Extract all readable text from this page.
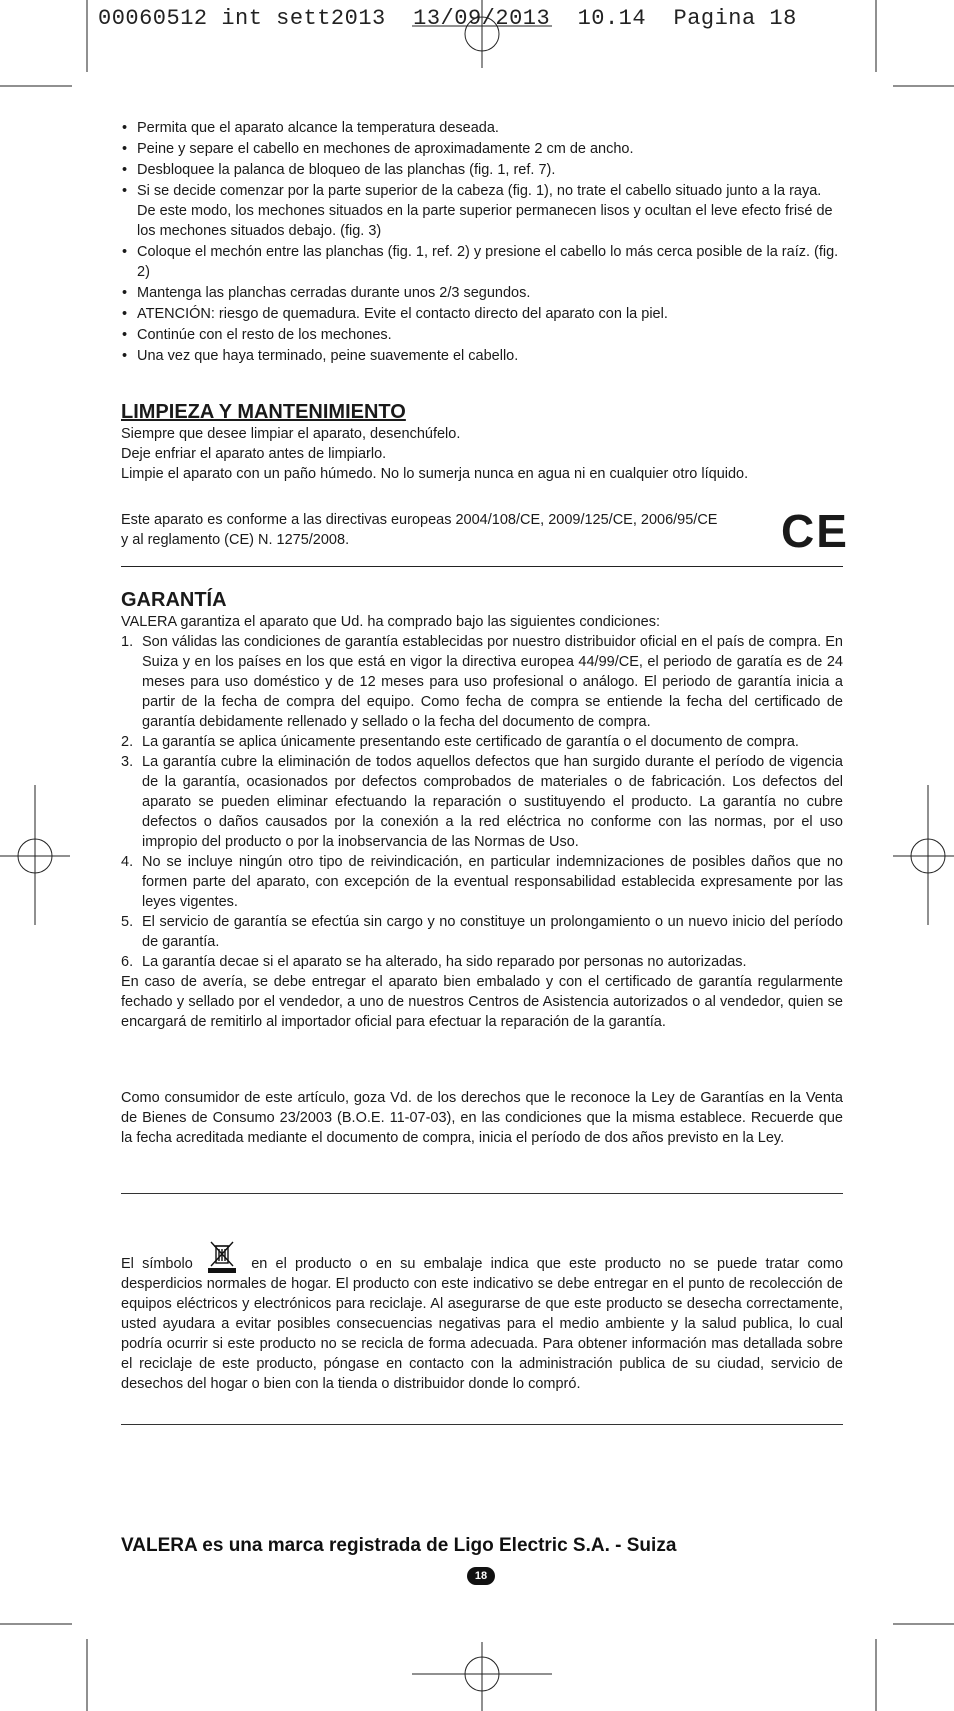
00060512 int sett2013  13/09/2013  10.14  Pagina 18
• Permita que el aparato alcance la temperatura deseada.
• Peine y separe el cabello en mechones de aproximadamente 2 cm de ancho.
• Desbloquee la palanca de bloqueo de las planchas (fig. 1, ref. 7).
• Si se decide comenzar por la parte superior de la cabeza (fig. 1), no trate el cabello situado junto a la raya. De este modo, los mechones situados en la parte superior permanecen lisos y ocultan el leve efecto frisé de los mechones situados debajo. (fig. 3)
• Coloque el mechón entre las planchas (fig. 1, ref. 2) y presione el cabello lo más cerca posible de la raíz. (fig. 2)
• Mantenga las planchas cerradas durante unos 2/3 segundos.
• ATENCIÓN: riesgo de quemadura. Evite el contacto directo del aparato con la piel.
• Continúe con el resto de los mechones.
• Una vez que haya terminado, peine suavemente el cabello.
LIMPIEZA Y MANTENIMIENTO

Siempre que desee limpiar el aparato, desenchúfelo.

Deje enfriar el aparato antes de limpiarlo.

Limpie el aparato con un paño húmedo. No lo sumerja nunca en agua ni en cualquier otro líquido.

Este aparato es conforme a las directivas europeas 2004/108/CE, 2009/125/CE, 2006/95/CE y al reglamento (CE) N. 1275/2008.	CE
GARANTÍA

VALERA garantiza el aparato que Ud. ha comprado bajo las siguientes condiciones:

1. Son válidas las condiciones de garantía establecidas por nuestro distribuidor oficial en el país de compra. En Suiza y en los países en los que está en vigor la directiva europea 44/99/CE, el periodo de garatía es de 24 meses para uso doméstico y de 12 meses para uso profesional o análogo. El periodo de garantía inicia a partir de la fecha de compra del equipo. Como fecha de compra se entiende la fecha del certificado de garantía debidamente rellenado y sellado o la fecha del documento de compra.
2. La garantía se aplica únicamente presentando este certificado de garantía o el documento de compra.
3. La garantía cubre la eliminación de todos aquellos defectos que han surgido durante el período de vigencia de la garantía, ocasionados por defectos comprobados de materiales o de fabricación. Los defectos del aparato se pueden eliminar efectuando la reparación o sustituyendo el producto. La garantía no cubre defectos o daños causados por la conexión a la red eléctrica no conforme con las normas, por el uso impropio del producto o por la inobservancia de las Normas de Uso.
4. No se incluye ningún otro tipo de reivindicación, en particular indemnizaciones de posibles daños que no formen parte del aparato, con excepción de la eventual responsabilidad establecida expresamente por las leyes vigentes.
5. El servicio de garantía se efectúa sin cargo y no constituye un prolongamiento o un nuevo inicio del período de garantía.
6. La garantía decae si el aparato se ha alterado, ha sido reparado por personas no autorizadas.

En caso de avería, se debe entregar el aparato bien embalado y con el certificado de garantía regularmente fechado y sellado por el vendedor, a uno de nuestros Centros de Asistencia autorizados o al vendedor, quien se encargará de remitirlo al importador oficial para efectuar la reparación de la garantía.

Como consumidor de este artículo, goza Vd. de los derechos que le reconoce la Ley de Garantías en la Venta de Bienes de Consumo 23/2003 (B.O.E. 11-07-03), en las condiciones que la misma establece. Recuerde que la fecha acreditada mediante el documento de compra, inicia el período de dos años previsto en la Ley.
El símbolo	en el producto o en su embalaje indica que este producto no se puede tratar como desperdicios normales de hogar. El producto con este indicativo se debe entregar en el punto de recolección de equipos eléctricos y electrónicos para reciclaje. Al asegurarse de que este producto se desecha correctamente, usted ayudara a evitar posibles consecuencias negativas para el medio ambiente y la salud publica, lo cual podría ocurrir si este producto no se recicla de forma adecuada. Para obtener información mas detallada sobre el reciclaje de este producto, póngase en contacto con la administración publica de su ciudad, servicio de desechos del hogar o bien con la tienda o distribuidor donde lo compró.
VALERA es una marca registrada de Ligo Electric S.A. - Suiza
18
